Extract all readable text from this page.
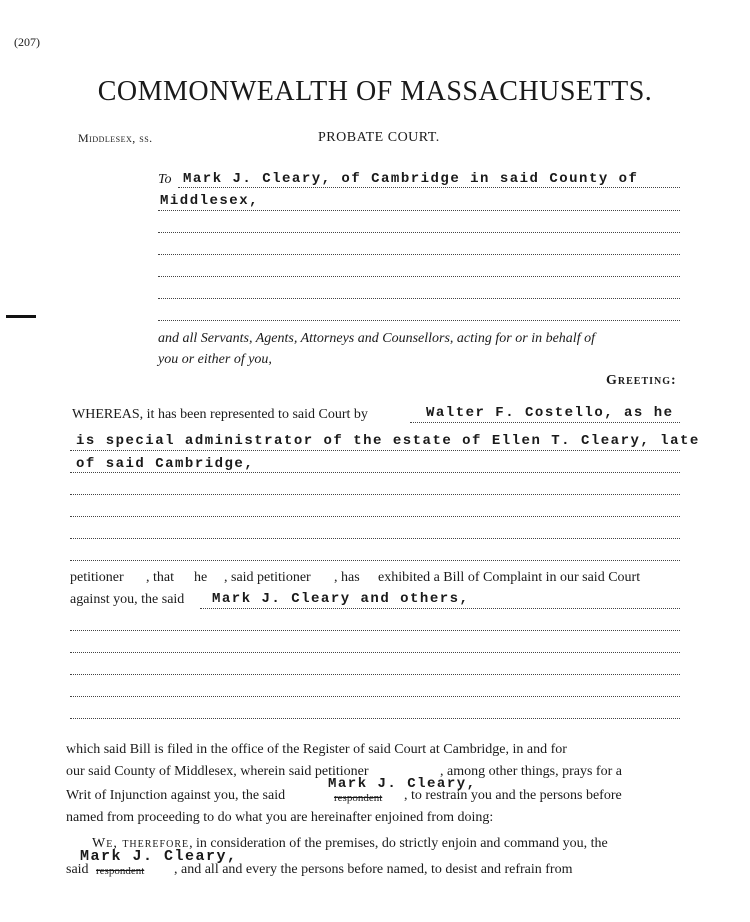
(207)
COMMONWEALTH OF MASSACHUSETTS.
Middlesex, ss.	PROBATE COURT.
To Mark J. Cleary, of Cambridge in said County of
Middlesex,
and all Servants, Agents, Attorneys and Counsellors, acting for or in behalf of
you or either of you,
Greeting:
WHEREAS, it has been represented to said Court by	Walter F. Costello, as he
is special administrator of the estate of Ellen T. Cleary, late
of said Cambridge,
petitioner , that he , said petitioner , has exhibited a Bill of Complaint in our said Court
against you, the said Mark J. Cleary and others,
which said Bill is filed in the office of the Register of said Court at Cambridge, in and for
our said County of Middlesex, wherein said petitioner	, among other things, prays for a
Mark J. Cleary,
Writ of Injunction against you, the said	respondent , to restrain you and the persons before
named from proceeding to do what you are hereinafter enjoined from doing:
We, therefore, in consideration of the premises, do strictly enjoin and command you, the
Mark J. Cleary,
said respondent , and all and every the persons before named, to desist and refrain from
